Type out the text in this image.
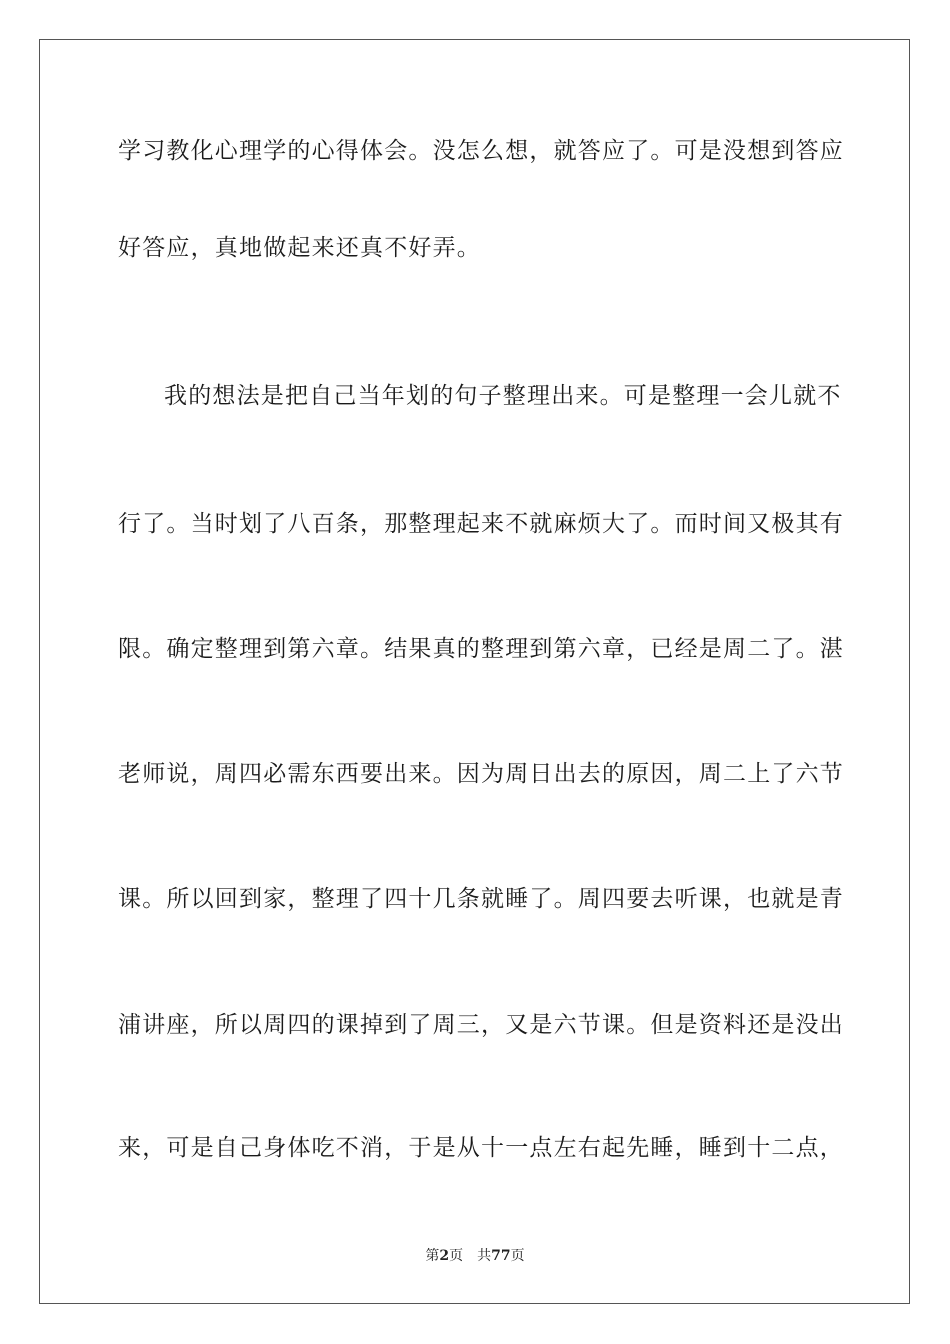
学习教化心理学的心得体会。没怎么想，就答应了。可是没想到答应
好答应，真地做起来还真不好弄。
我的想法是把自己当年划的句子整理出来。可是整理一会儿就不
行了。当时划了八百条，那整理起来不就麻烦大了。而时间又极其有
限。确定整理到第六章。结果真的整理到第六章，已经是周二了。湛
老师说，周四必需东西要出来。因为周日出去的原因，周二上了六节
课。所以回到家，整理了四十几条就睡了。周四要去听课，也就是青
浦讲座，所以周四的课掉到了周三，又是六节课。但是资料还是没出
来，可是自己身体吃不消，于是从十一点左右起先睡，睡到十二点，
第2页 共77页
